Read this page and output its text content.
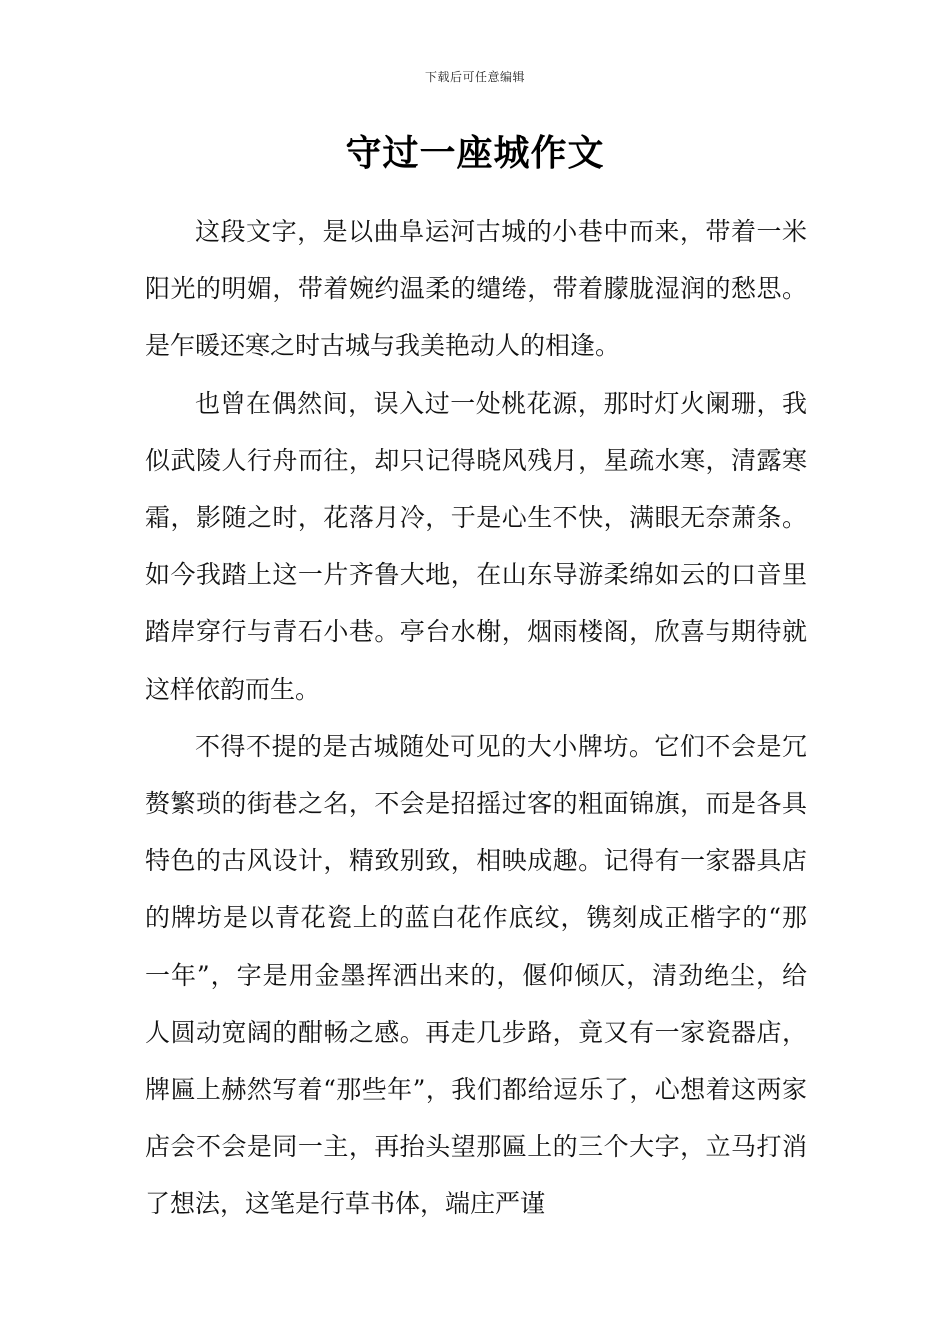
下载后可任意编辑
守过一座城作文

这段文字，是以曲阜运河古城的小巷中而来，带着一米阳光的明媚，带着婉约温柔的缱绻，带着朦胧湿润的愁思。是乍暖还寒之时古城与我美艳动人的相逢。

也曾在偶然间，误入过一处桃花源，那时灯火阑珊，我似武陵人行舟而往，却只记得晓风残月，星疏水寒，清露寒霜，影随之时，花落月冷，于是心生不快，满眼无奈萧条。如今我踏上这一片齐鲁大地，在山东导游柔绵如云的口音里踏岸穿行与青石小巷。亭台水榭，烟雨楼阁，欣喜与期待就这样依韵而生。

不得不提的是古城随处可见的大小牌坊。它们不会是冗赘繁琐的街巷之名，不会是招摇过客的粗面锦旗，而是各具特色的古风设计，精致别致，相映成趣。记得有一家器具店的牌坊是以青花瓷上的蓝白花作底纹，镌刻成正楷字的“那一年”，字是用金墨挥洒出来的，偃仰倾仄，清劲绝尘，给人圆动宽阔的酣畅之感。再走几步路，竟又有一家瓷器店，牌匾上赫然写着“那些年”，我们都给逗乐了，心想着这两家店会不会是同一主，再抬头望那匾上的三个大字，立马打消了想法，这笔是行草书体，端庄严谨
